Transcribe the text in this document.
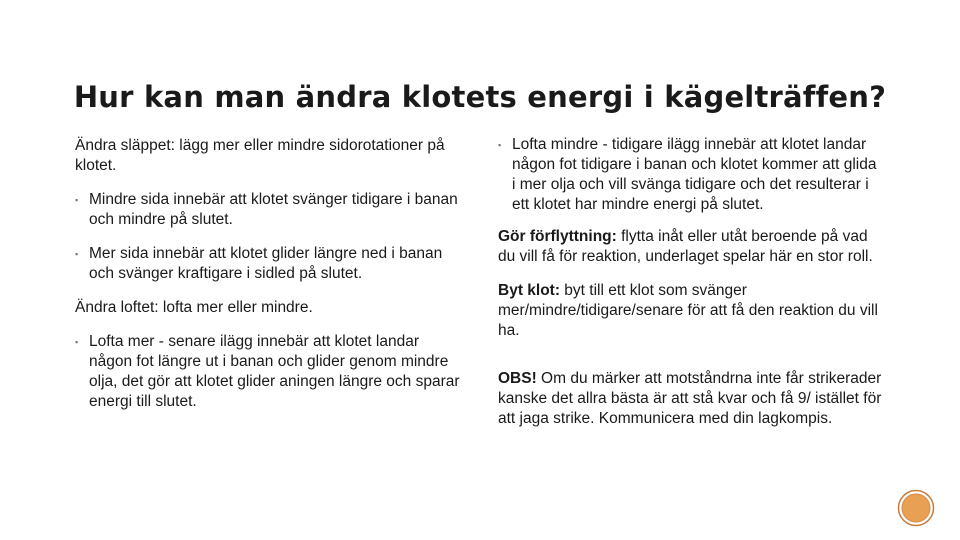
Hur kan man ändra klotets energi i kägelträffen?

Ändra släppet: lägg mer eller mindre sidorotationer på klotet.

▪ Mindre sida innebär att klotet svänger tidigare i banan och mindre på slutet.

▪ Mer sida innebär att klotet glider längre ned i banan och svänger kraftigare i sidled på slutet.

Ändra loftet: lofta mer eller mindre.

▪ Lofta mer - senare ilägg innebär att klotet landar någon fot längre ut i banan och glider genom mindre olja, det gör att klotet glider aningen längre och sparar energi till slutet.

▪ Lofta mindre - tidigare ilägg innebär att klotet landar någon fot tidigare i banan och klotet kommer att glida i mer olja och vill svänga tidigare och det resulterar i ett klotet har mindre energi på slutet.

Gör förflyttning: flytta inåt eller utåt beroende på vad du vill få för reaktion, underlaget spelar här en stor roll.

Byt klot: byt till ett klot som svänger mer/mindre/tidigare/senare för att få den reaktion du vill ha.

OBS! Om du märker att motståndrna inte får strikerader kanske det allra bästa är att stå kvar och få 9/ istället för att jaga strike. Kommunicera med din lagkompis.
